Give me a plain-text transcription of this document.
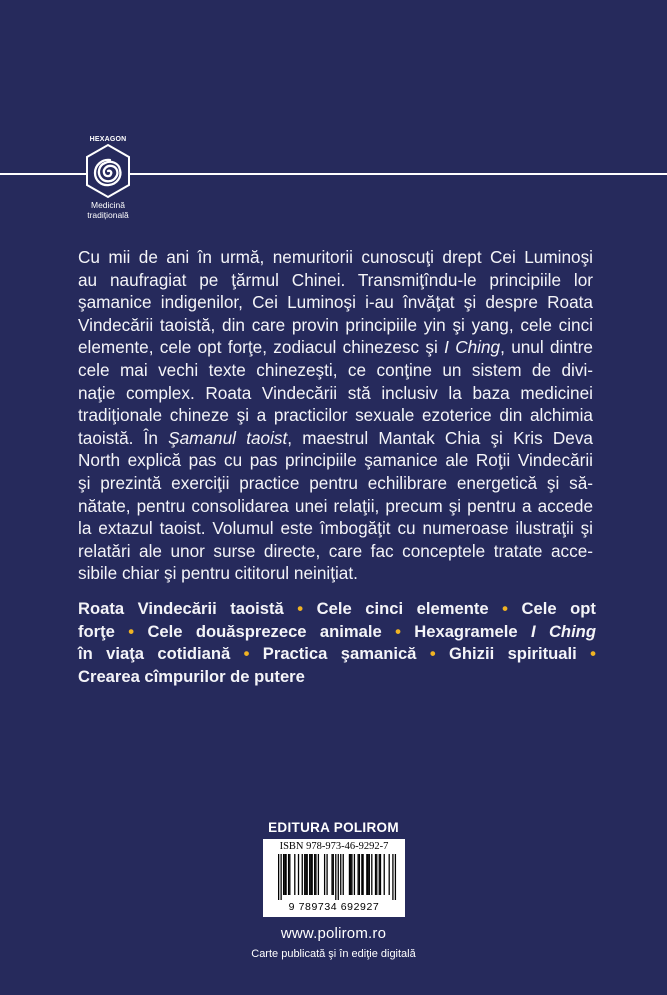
HEXAGON
Medicină
tradițională
Cu mii de ani în urmă, nemuritorii cunoscuţi drept Cei Luminoşi
au naufragiat pe ţărmul Chinei. Transmiţîndu-le principiile lor
şamanice indigenilor, Cei Luminoşi i-au învăţat şi despre Roata
Vindecării taoistă, din care provin principiile yin şi yang, cele cinci
elemente, cele opt forţe, zodiacul chinezesc şi I Ching, unul dintre
cele mai vechi texte chinezeşti, ce conţine un sistem de divi-
naţie complex. Roata Vindecării stă inclusiv la baza medicinei
tradiţionale chineze şi a practicilor sexuale ezoterice din alchimia
taoistă. În Şamanul taoist, maestrul Mantak Chia şi Kris Deva
North explică pas cu pas principiile şamanice ale Roţii Vindecării
şi prezintă exerciţii practice pentru echilibrare energetică şi să-
nătate, pentru consolidarea unei relaţii, precum şi pentru a accede
la extazul taoist. Volumul este îmbogăţit cu numeroase ilustraţii şi
relatări ale unor surse directe, care fac conceptele tratate acce-
sibile chiar şi pentru cititorul neiniţiat.
Roata Vindecării taoistă • Cele cinci elemente • Cele opt
forţe • Cele douăsprezece animale • Hexagramele I Ching
în viaţa cotidiană • Practica şamanică • Ghizii spirituali •
Crearea cîmpurilor de putere
EDITURA POLIROM
ISBN 978-973-46-9292-7
9 789734 692927
www.polirom.ro
Carte publicată şi în ediţie digitală
